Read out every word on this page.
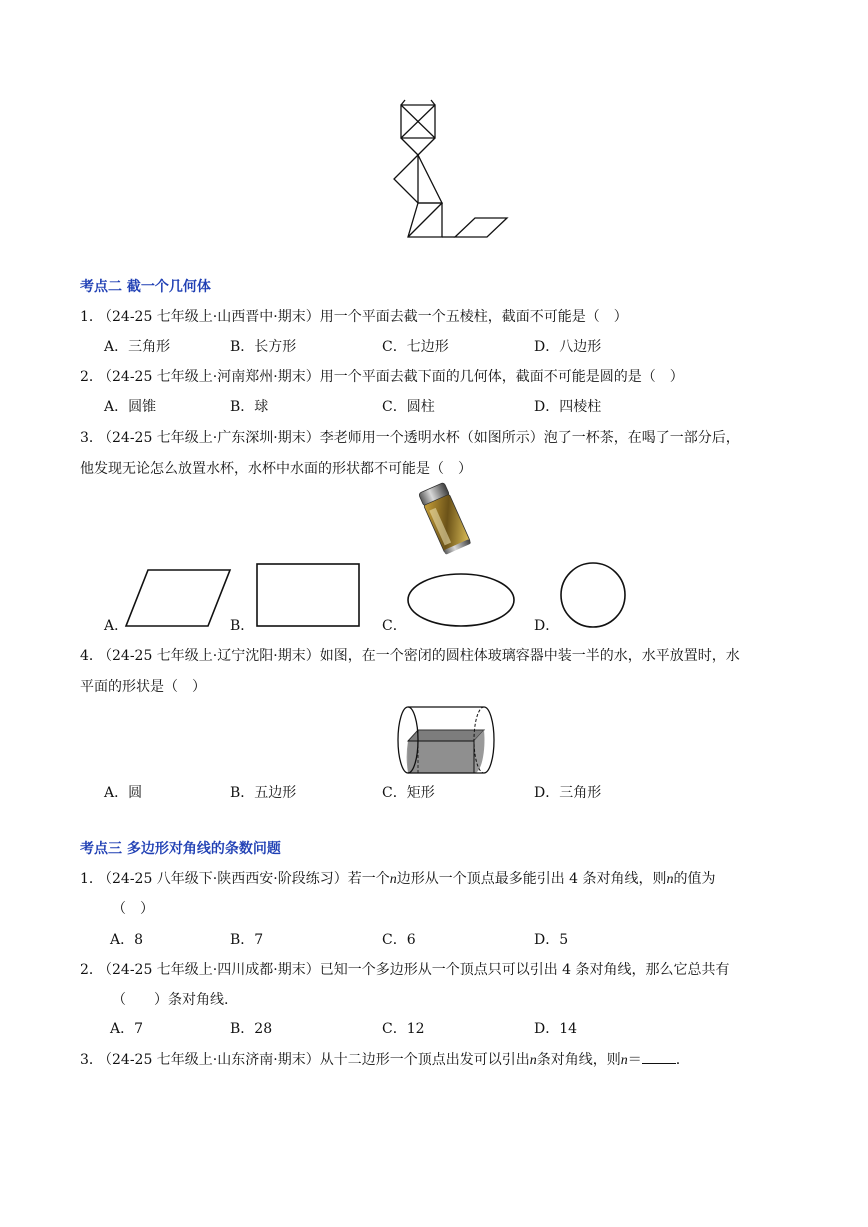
考点二 截一个几何体
1．
（24-25 七年级上·山西晋中·期末）用一个平面去截一个五棱柱，截面不可能是（　）
A．三角形	B．长方形	C．七边形	D．八边形
2．
（24-25 七年级上·河南郑州·期末）用一个平面去截下面的几何体，截面不可能是圆的是（　）
A．圆锥	B．球	C．圆柱	D．四棱柱
3．
（24-25 七年级上·广东深圳·期末）李老师用一个透明水杯（如图所示）泡了一杯茶，在喝了一部分后，
他发现无论怎么放置水杯，水杯中水面的形状都不可能是（　）
A．	B．	C．	D．
4．
（24-25 七年级上·辽宁沈阳·期末）如图，在一个密闭的圆柱体玻璃容器中装一半的水，水平放置时，水
平面的形状是（　）
A．圆	B．五边形	C．矩形	D．三角形
考点三 多边形对角线的条数问题
1．
（24-25 八年级下·陕西西安·阶段练习）若一个n边形从一个顶点最多能引出 4 条对角线，则n的值为
（　）
A．8	B．7	C．6	D．5
2．
（24-25 七年级上·四川成都·期末）已知一个多边形从一个顶点只可以引出 4 条对角线，那么它总共有
（　　）条对角线.
A．7	B．28	C．12	D．14
3．
（24-25 七年级上·山东济南·期末）从十二边形一个顶点出发可以引出n条对角线，则n＝ .
